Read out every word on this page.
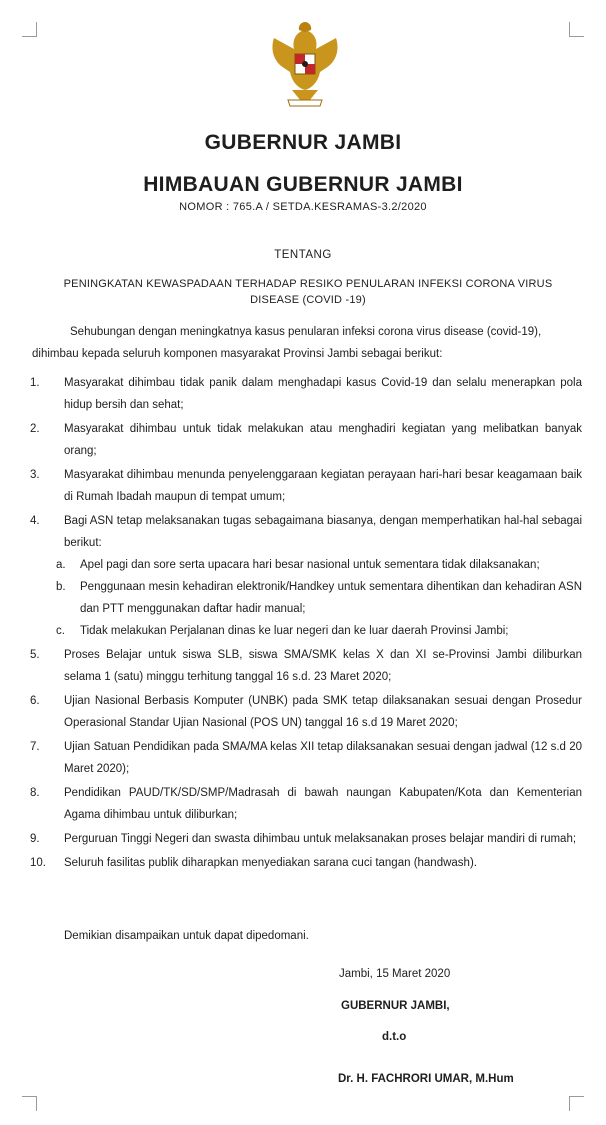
GUBERNUR JAMBI
HIMBAUAN GUBERNUR JAMBI
NOMOR : 765.A / SETDA.KESRAMAS-3.2/2020
TENTANG
PENINGKATAN KEWASPADAAN TERHADAP RESIKO PENULARAN INFEKSI CORONA VIRUS DISEASE (COVID -19)
Sehubungan dengan meningkatnya kasus penularan infeksi corona virus disease (covid-19),
dihimbau kepada seluruh komponen masyarakat Provinsi Jambi sebagai berikut:
1. Masyarakat dihimbau tidak panik dalam menghadapi kasus Covid-19 dan selalu menerapkan pola hidup bersih dan sehat;
2. Masyarakat dihimbau untuk tidak melakukan atau menghadiri kegiatan yang melibatkan banyak orang;
3. Masyarakat dihimbau menunda penyelenggaraan kegiatan perayaan hari-hari besar keagamaan baik di Rumah Ibadah maupun di tempat umum;
4. Bagi ASN tetap melaksanakan tugas sebagaimana biasanya, dengan memperhatikan hal-hal sebagai berikut:
a. Apel pagi dan sore serta upacara hari besar nasional untuk sementara tidak dilaksanakan;
b. Penggunaan mesin kehadiran elektronik/Handkey untuk sementara dihentikan dan kehadiran ASN dan PTT menggunakan daftar hadir manual;
c. Tidak melakukan Perjalanan dinas ke luar negeri dan ke luar daerah Provinsi Jambi;
5. Proses Belajar untuk siswa SLB, siswa SMA/SMK kelas X dan XI se-Provinsi Jambi diliburkan selama 1 (satu) minggu terhitung tanggal 16 s.d. 23 Maret 2020;
6. Ujian Nasional Berbasis Komputer (UNBK) pada SMK tetap dilaksanakan sesuai dengan Prosedur Operasional Standar Ujian Nasional (POS UN) tanggal 16 s.d 19 Maret 2020;
7. Ujian Satuan Pendidikan pada SMA/MA kelas XII tetap dilaksanakan sesuai dengan jadwal (12 s.d 20 Maret 2020);
8. Pendidikan PAUD/TK/SD/SMP/Madrasah di bawah naungan Kabupaten/Kota dan Kementerian Agama dihimbau untuk diliburkan;
9. Perguruan Tinggi Negeri dan swasta dihimbau untuk melaksanakan proses belajar mandiri di rumah;
10. Seluruh fasilitas publik diharapkan menyediakan sarana cuci tangan (handwash).
Demikian disampaikan untuk dapat dipedomani.
Jambi, 15 Maret 2020
GUBERNUR JAMBI,
d.t.o
Dr. H. FACHRORI UMAR, M.Hum
